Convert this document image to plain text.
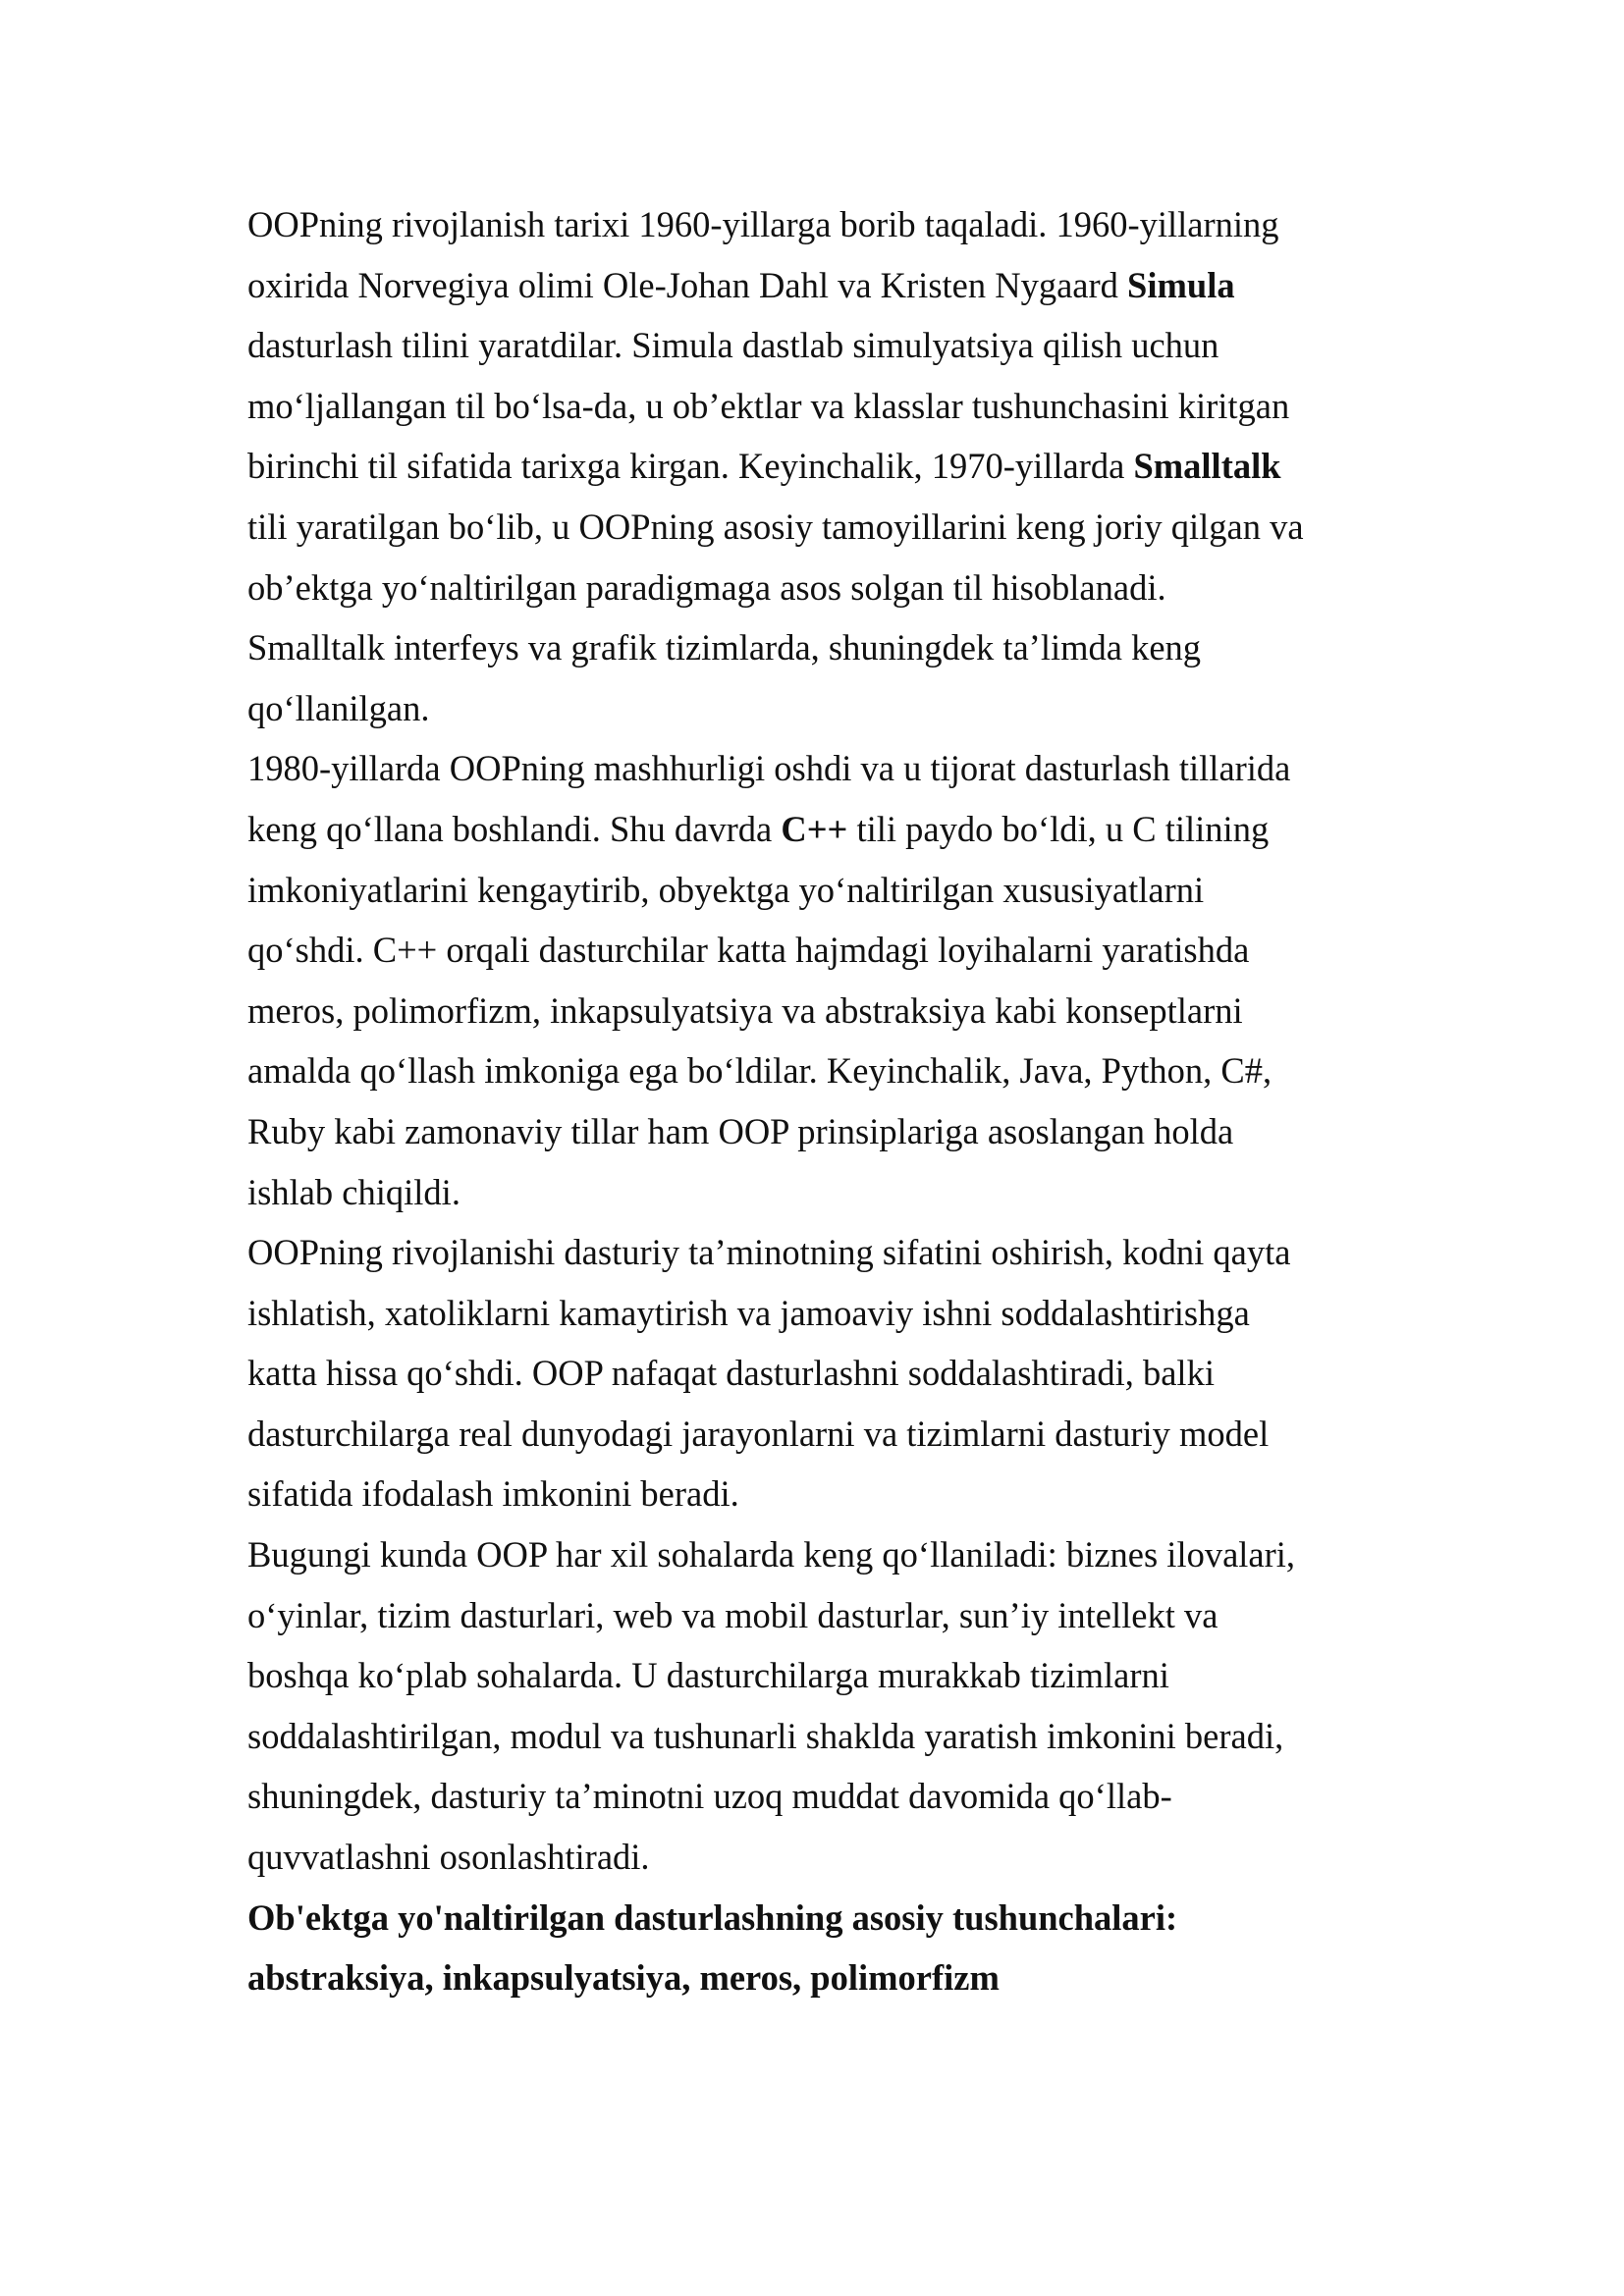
OOPning rivojlanish tarixi 1960-yillarga borib taqaladi. 1960-yillarning
oxirida Norvegiya olimi Ole-Johan Dahl va Kristen Nygaard Simula
dasturlash tilini yaratdilar. Simula dastlab simulyatsiya qilish uchun
mo‘ljallangan til bo‘lsa-da, u ob’ektlar va klasslar tushunchasini kiritgan
birinchi til sifatida tarixga kirgan. Keyinchalik, 1970-yillarda Smalltalk
tili yaratilgan bo‘lib, u OOPning asosiy tamoyillarini keng joriy qilgan va
ob’ektga yo‘naltirilgan paradigmaga asos solgan til hisoblanadi.
Smalltalk interfeys va grafik tizimlarda, shuningdek ta’limda keng
qo‘llanilgan.
1980-yillarda OOPning mashhurligi oshdi va u tijorat dasturlash tillarida
keng qo‘llana boshlandi. Shu davrda C++ tili paydo bo‘ldi, u C tilining
imkoniyatlarini kengaytirib, obyektga yo‘naltirilgan xususiyatlarni
qo‘shdi. C++ orqali dasturchilar katta hajmdagi loyihalarni yaratishda
meros, polimorfizm, inkapsulyatsiya va abstraksiya kabi konseptlarni
amalda qo‘llash imkoniga ega bo‘ldilar. Keyinchalik, Java, Python, C#,
Ruby kabi zamonaviy tillar ham OOP prinsiplariga asoslangan holda
ishlab chiqildi.
OOPning rivojlanishi dasturiy ta’minotning sifatini oshirish, kodni qayta
ishlatish, xatoliklarni kamaytirish va jamoaviy ishni soddalashtirishga
katta hissa qo‘shdi. OOP nafaqat dasturlashni soddalashtiradi, balki
dasturchilarga real dunyodagi jarayonlarni va tizimlarni dasturiy model
sifatida ifodalash imkonini beradi.
Bugungi kunda OOP har xil sohalarda keng qo‘llaniladi: biznes ilovalari,
o‘yinlar, tizim dasturlari, web va mobil dasturlar, sun’iy intellekt va
boshqa ko‘plab sohalarda. U dasturchilarga murakkab tizimlarni
soddalashtirilgan, modul va tushunarli shaklda yaratish imkonini beradi,
shuningdek, dasturiy ta’minotni uzoq muddat davomida qo‘llab-
quvvatlashni osonlashtiradi.
Ob'ektga yo'naltirilgan dasturlashning asosiy tushunchalari:
abstraksiya, inkapsulyatsiya, meros, polimorfizm
